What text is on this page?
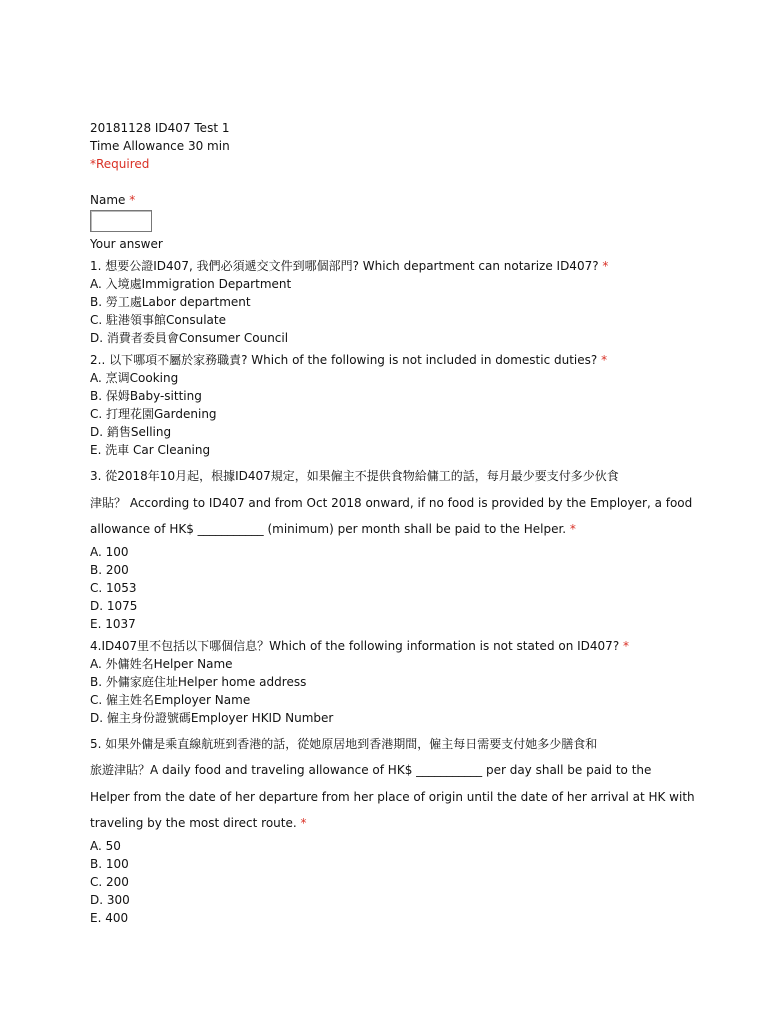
20181128 ID407 Test 1
Time Allowance 30 min
*Required
Name *
Your answer
1. 想要公證ID407, 我們必須遞交文件到哪個部門? Which department can notarize ID407? *
A. 入境處Immigration Department
B. 勞工處Labor department
C. 駐港領事館Consulate
D. 消費者委員會Consumer Council
2.. 以下哪項不屬於家務職責? Which of the following is not included in domestic duties? *
A. 烹调Cooking
B. 保姆Baby-sitting
C. 打理花園Gardening
D. 銷售Selling
E. 洗車 Car Cleaning
3. 從2018年10月起，根據ID407規定，如果僱主不提供食物給傭工的話，每月最少要支付多少伙食
津貼？ According to ID407 and from Oct 2018 onward, if no food is provided by the Employer, a food
allowance of HK$ ___________ (minimum) per month shall be paid to the Helper. *
A. 100
B. 200
C. 1053
D. 1075
E. 1037
4.ID407里不包括以下哪個信息？Which of the following information is not stated on ID407? *
A. 外傭姓名Helper Name
B. 外傭家庭住址Helper home address
C. 僱主姓名Employer Name
D. 僱主身份證號碼Employer HKID Number
5. 如果外傭是乘直線航班到香港的話，從她原居地到香港期間，僱主每日需要支付她多少膳食和
旅遊津貼？A daily food and traveling allowance of HK$ ___________ per day shall be paid to the
Helper from the date of her departure from her place of origin until the date of her arrival at HK with
traveling by the most direct route. *
A. 50
B. 100
C. 200
D. 300
E. 400
